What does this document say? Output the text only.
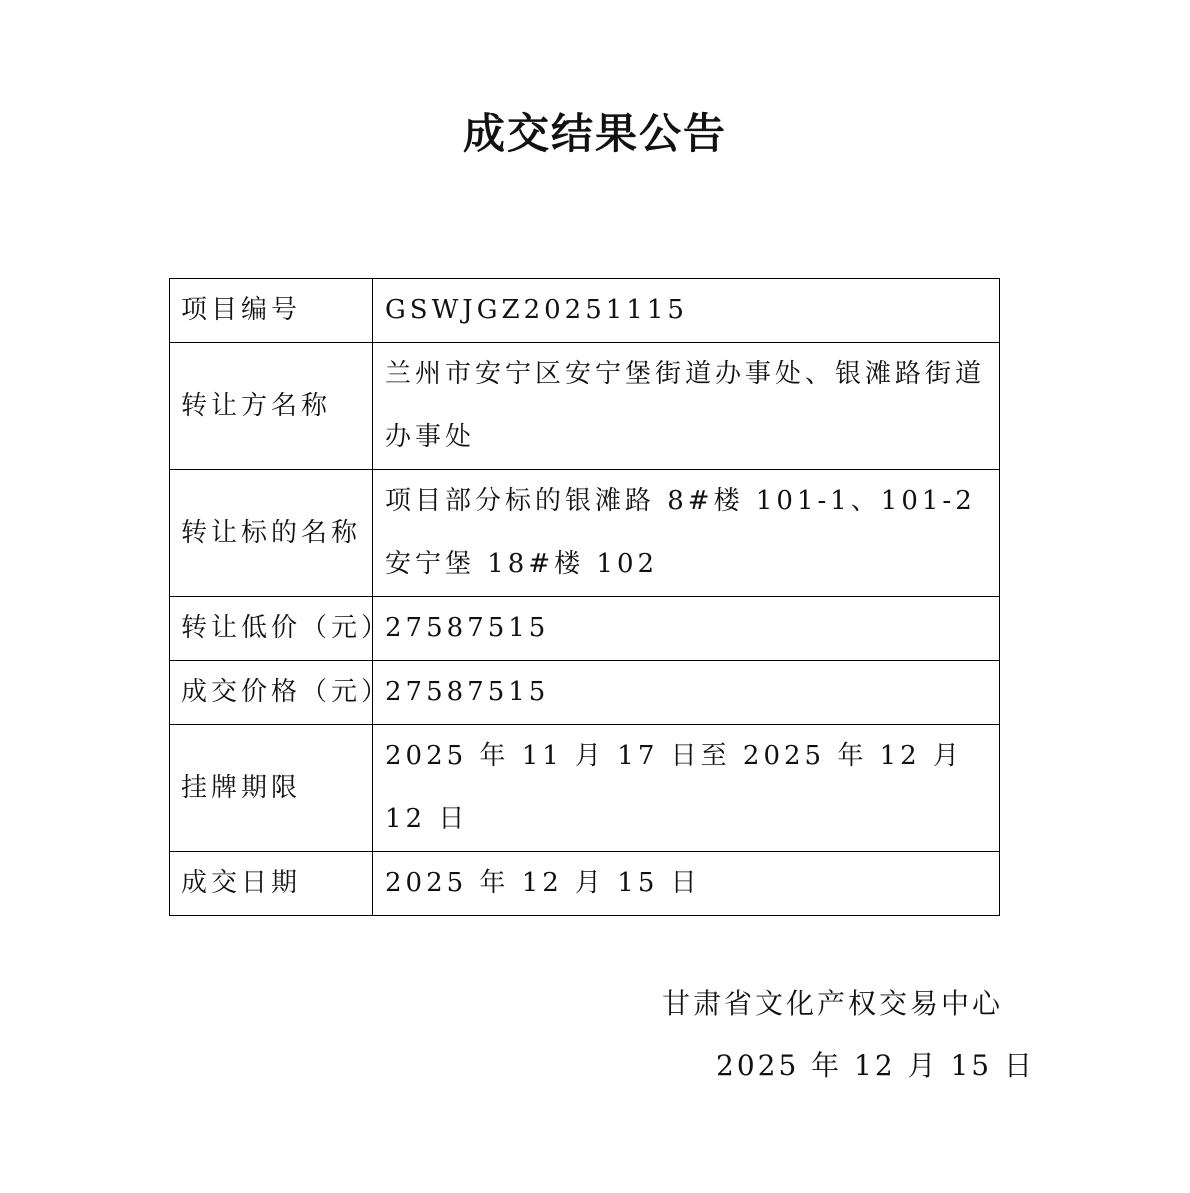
成交结果公告
项目编号	GSWJGZ20251115
转让方名称	兰州市安宁区安宁堡街道办事处、银滩路街道办事处
转让标的名称	项目部分标的银滩路 8#楼 101-1、101-2 安宁堡 18#楼 102
转让低价（元）	27587515
成交价格（元）	27587515
挂牌期限	2025 年 11 月 17 日至 2025 年 12 月 12 日
成交日期	2025 年 12 月 15 日
甘肃省文化产权交易中心
2025 年 12 月 15 日
